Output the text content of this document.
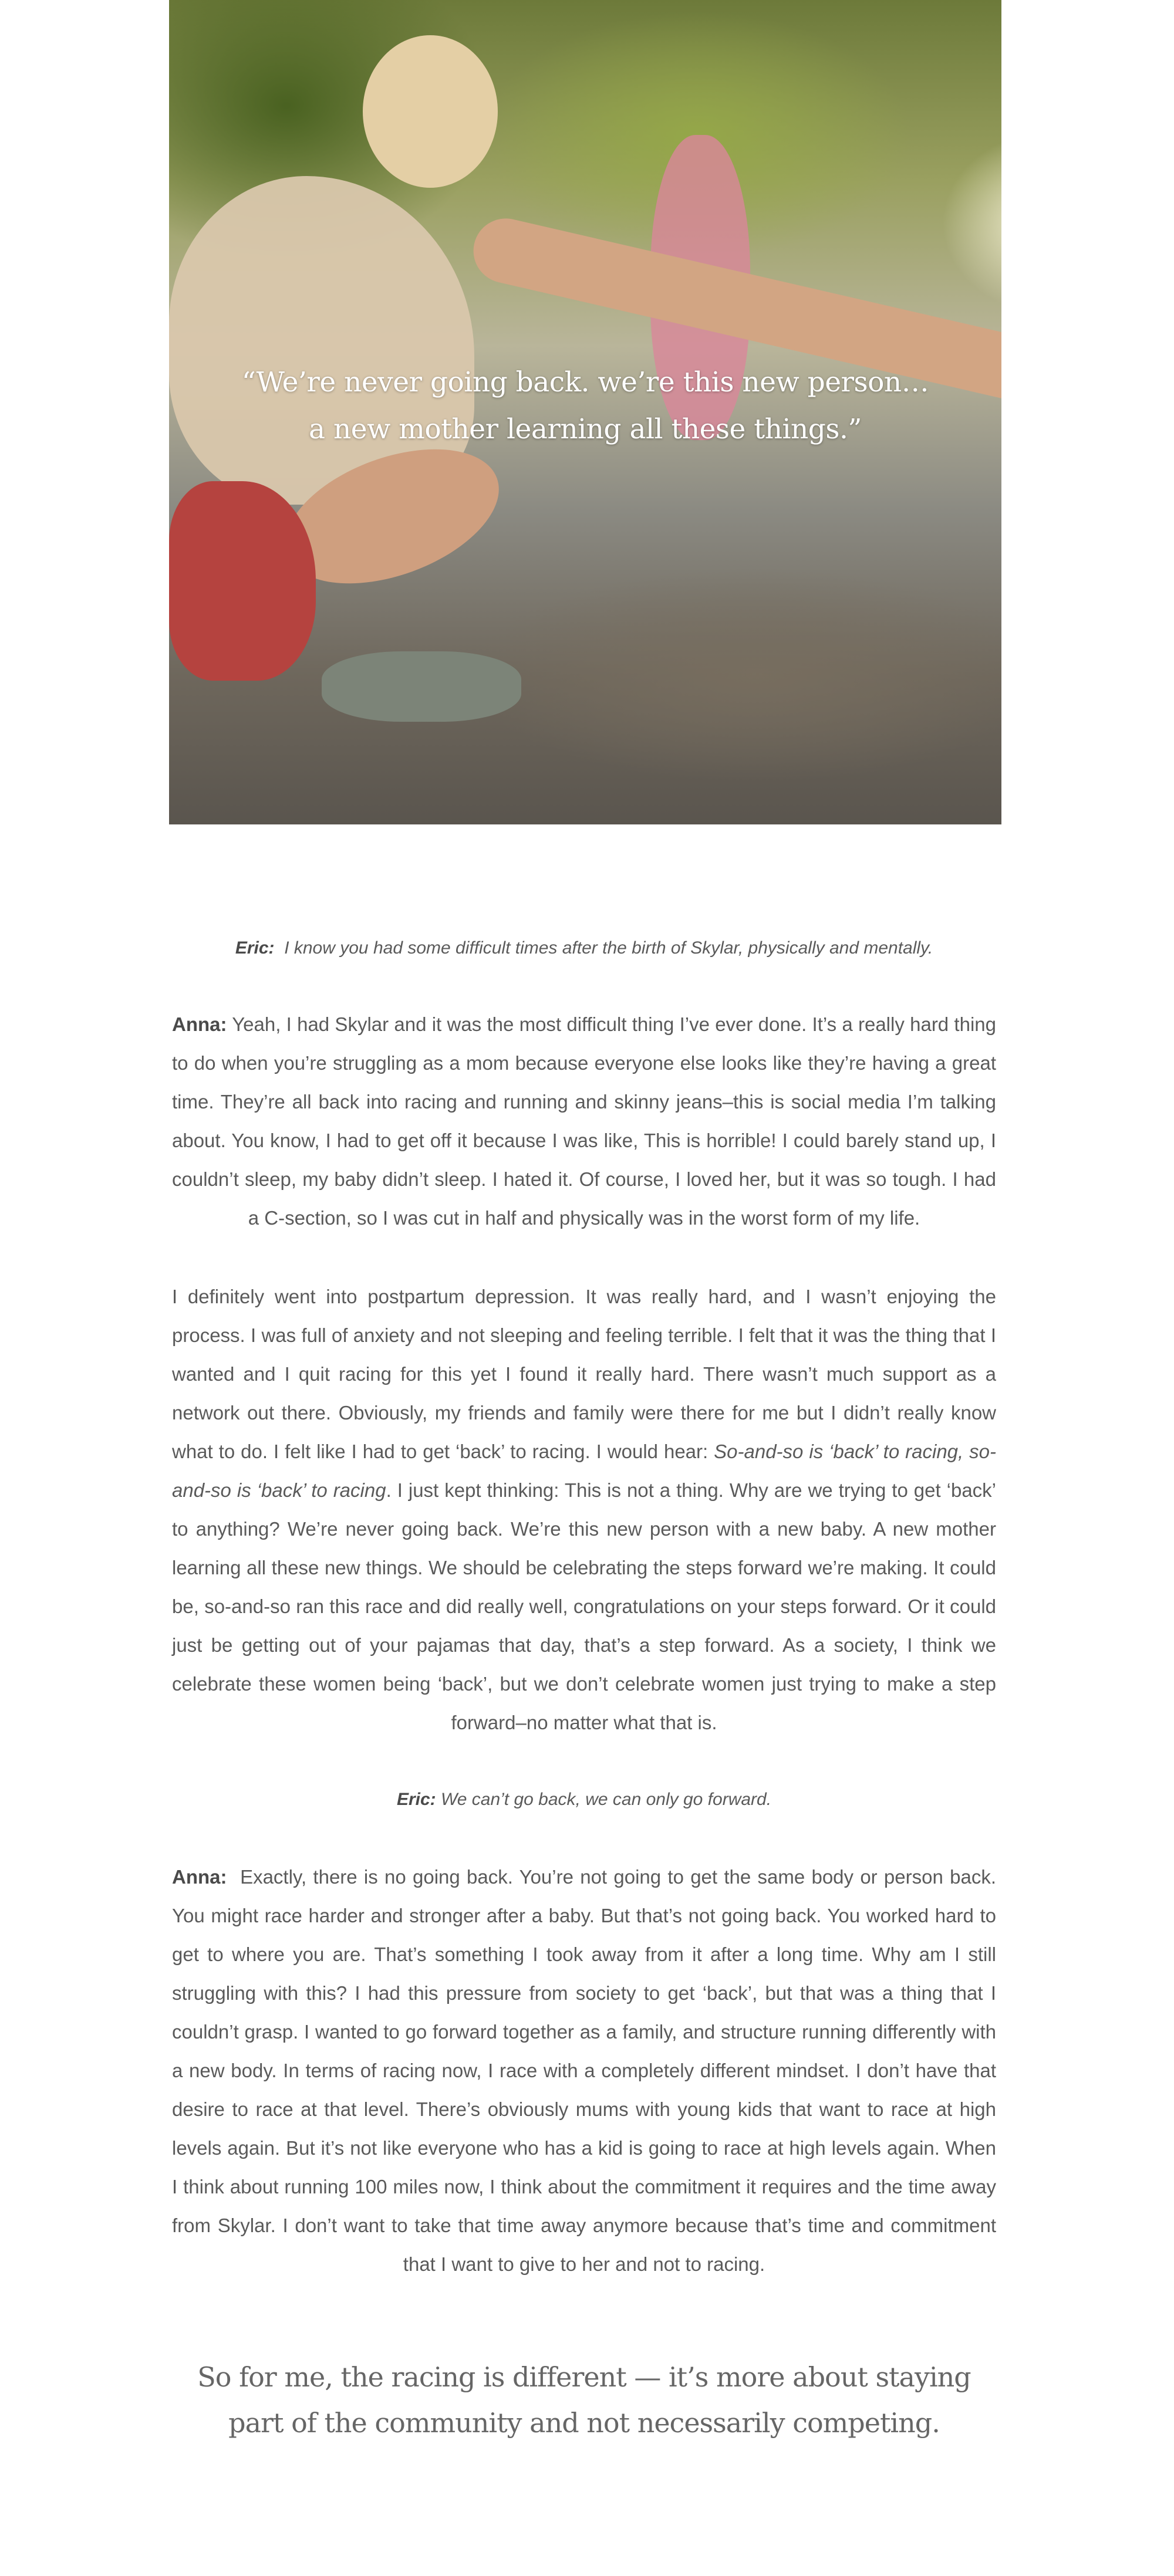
“We’re never going back. we’re this new person…
a new mother learning all these things.”

Eric: I know you had some difficult times after the birth of Skylar, physically and mentally.

Anna: Yeah, I had Skylar and it was the most difficult thing I’ve ever done. It’s a really hard thing to do when you’re struggling as a mom because everyone else looks like they’re having a great time. They’re all back into racing and running and skinny jeans–this is social media I’m talking about. You know, I had to get off it because I was like, This is horrible! I could barely stand up, I couldn’t sleep, my baby didn’t sleep. I hated it. Of course, I loved her, but it was so tough. I had a C-section, so I was cut in half and physically was in the worst form of my life.

I definitely went into postpartum depression. It was really hard, and I wasn’t enjoying the process. I was full of anxiety and not sleeping and feeling terrible. I felt that it was the thing that I wanted and I quit racing for this yet I found it really hard. There wasn’t much support as a network out there. Obviously, my friends and family were there for me but I didn’t really know what to do. I felt like I had to get ‘back’ to racing. I would hear: So-and-so is ‘back’ to racing, so-and-so is ‘back’ to racing. I just kept thinking: This is not a thing. Why are we trying to get ‘back’ to anything? We’re never going back. We’re this new person with a new baby. A new mother learning all these new things. We should be celebrating the steps forward we’re making. It could be, so-and-so ran this race and did really well, congratulations on your steps forward. Or it could just be getting out of your pajamas that day, that’s a step forward. As a society, I think we celebrate these women being ‘back’, but we don’t celebrate women just trying to make a step forward–no matter what that is.

Eric: We can’t go back, we can only go forward.

Anna: Exactly, there is no going back. You’re not going to get the same body or person back. You might race harder and stronger after a baby. But that’s not going back. You worked hard to get to where you are. That’s something I took away from it after a long time. Why am I still struggling with this? I had this pressure from society to get ‘back’, but that was a thing that I couldn’t grasp. I wanted to go forward together as a family, and structure running differently with a new body. In terms of racing now, I race with a completely different mindset. I don’t have that desire to race at that level. There’s obviously mums with young kids that want to race at high levels again. But it’s not like everyone who has a kid is going to race at high levels again. When I think about running 100 miles now, I think about the commitment it requires and the time away from Skylar. I don’t want to take that time away anymore because that’s time and commitment that I want to give to her and not to racing.

So for me, the racing is different — it’s more about staying
part of the community and not necessarily competing.
